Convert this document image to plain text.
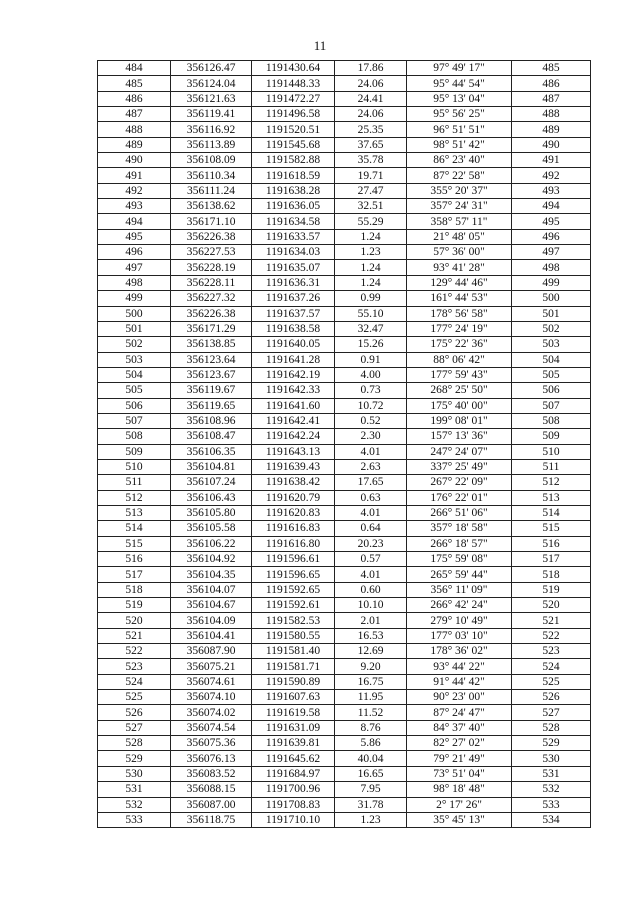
11
484	356126.47	1191430.64	17.86	97° 49' 17"	485
485	356124.04	1191448.33	24.06	95° 44' 54"	486
486	356121.63	1191472.27	24.41	95° 13' 04"	487
487	356119.41	1191496.58	24.06	95° 56' 25"	488
488	356116.92	1191520.51	25.35	96° 51' 51"	489
489	356113.89	1191545.68	37.65	98° 51' 42"	490
490	356108.09	1191582.88	35.78	86° 23' 40"	491
491	356110.34	1191618.59	19.71	87° 22' 58"	492
492	356111.24	1191638.28	27.47	355° 20' 37"	493
493	356138.62	1191636.05	32.51	357° 24' 31"	494
494	356171.10	1191634.58	55.29	358° 57' 11"	495
495	356226.38	1191633.57	1.24	21° 48' 05"	496
496	356227.53	1191634.03	1.23	57° 36' 00"	497
497	356228.19	1191635.07	1.24	93° 41' 28"	498
498	356228.11	1191636.31	1.24	129° 44' 46"	499
499	356227.32	1191637.26	0.99	161° 44' 53"	500
500	356226.38	1191637.57	55.10	178° 56' 58"	501
501	356171.29	1191638.58	32.47	177° 24' 19"	502
502	356138.85	1191640.05	15.26	175° 22' 36"	503
503	356123.64	1191641.28	0.91	88° 06' 42"	504
504	356123.67	1191642.19	4.00	177° 59' 43"	505
505	356119.67	1191642.33	0.73	268° 25' 50"	506
506	356119.65	1191641.60	10.72	175° 40' 00"	507
507	356108.96	1191642.41	0.52	199° 08' 01"	508
508	356108.47	1191642.24	2.30	157° 13' 36"	509
509	356106.35	1191643.13	4.01	247° 24' 07"	510
510	356104.81	1191639.43	2.63	337° 25' 49"	511
511	356107.24	1191638.42	17.65	267° 22' 09"	512
512	356106.43	1191620.79	0.63	176° 22' 01"	513
513	356105.80	1191620.83	4.01	266° 51' 06"	514
514	356105.58	1191616.83	0.64	357° 18' 58"	515
515	356106.22	1191616.80	20.23	266° 18' 57"	516
516	356104.92	1191596.61	0.57	175° 59' 08"	517
517	356104.35	1191596.65	4.01	265° 59' 44"	518
518	356104.07	1191592.65	0.60	356° 11' 09"	519
519	356104.67	1191592.61	10.10	266° 42' 24"	520
520	356104.09	1191582.53	2.01	279° 10' 49"	521
521	356104.41	1191580.55	16.53	177° 03' 10"	522
522	356087.90	1191581.40	12.69	178° 36' 02"	523
523	356075.21	1191581.71	9.20	93° 44' 22"	524
524	356074.61	1191590.89	16.75	91° 44' 42"	525
525	356074.10	1191607.63	11.95	90° 23' 00"	526
526	356074.02	1191619.58	11.52	87° 24' 47"	527
527	356074.54	1191631.09	8.76	84° 37' 40"	528
528	356075.36	1191639.81	5.86	82° 27' 02"	529
529	356076.13	1191645.62	40.04	79° 21' 49"	530
530	356083.52	1191684.97	16.65	73° 51' 04"	531
531	356088.15	1191700.96	7.95	98° 18' 48"	532
532	356087.00	1191708.83	31.78	2° 17' 26"	533
533	356118.75	1191710.10	1.23	35° 45' 13"	534
